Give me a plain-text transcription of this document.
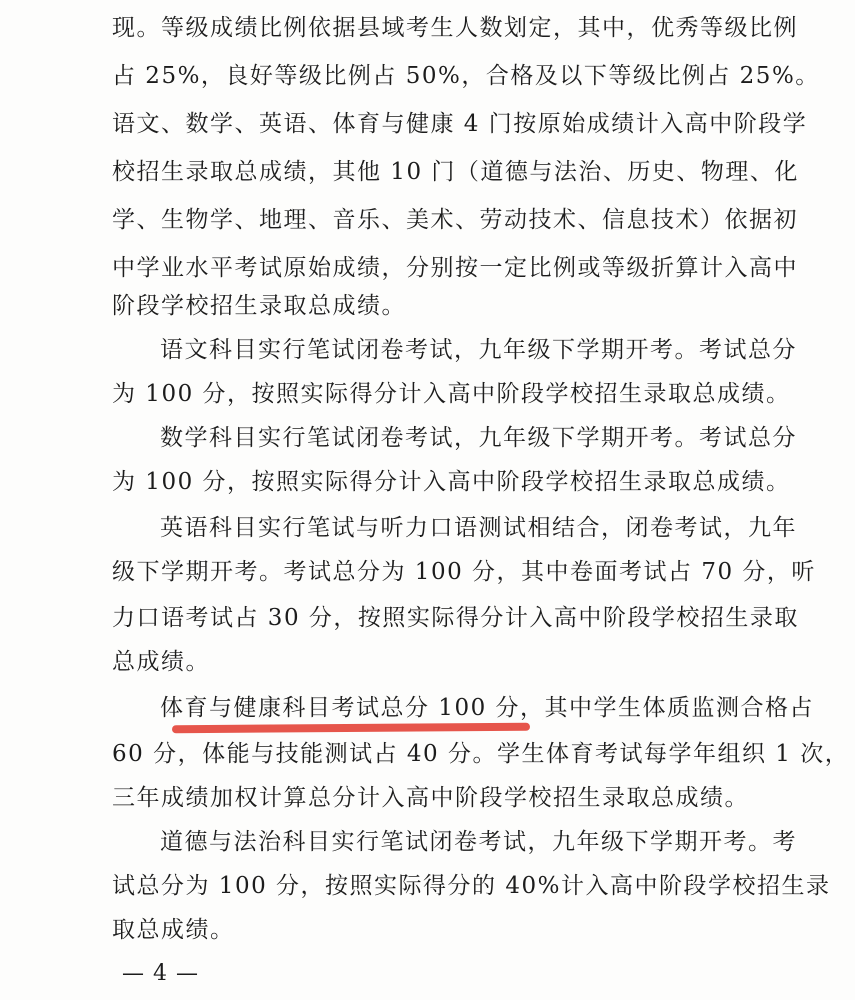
现。等级成绩比例依据县域考生人数划定，其中，优秀等级比例
占 25%，良好等级比例占 50%，合格及以下等级比例占 25%。
语文、数学、英语、体育与健康 4 门按原始成绩计入高中阶段学
校招生录取总成绩，其他 10 门（道德与法治、历史、物理、化
学、生物学、地理、音乐、美术、劳动技术、信息技术）依据初
中学业水平考试原始成绩，分别按一定比例或等级折算计入高中
阶段学校招生录取总成绩。
语文科目实行笔试闭卷考试，九年级下学期开考。考试总分
为 100 分，按照实际得分计入高中阶段学校招生录取总成绩。
数学科目实行笔试闭卷考试，九年级下学期开考。考试总分
为 100 分，按照实际得分计入高中阶段学校招生录取总成绩。
英语科目实行笔试与听力口语测试相结合，闭卷考试，九年
级下学期开考。考试总分为 100 分，其中卷面考试占 70 分，听
力口语考试占 30 分，按照实际得分计入高中阶段学校招生录取
总成绩。
体育与健康科目考试总分 100 分
，其中学生体质监测合格占
60 分，体能与技能测试占 40 分。学生体育考试每学年组织 1 次，
三年成绩加权计算总分计入高中阶段学校招生录取总成绩。
道德与法治科目实行笔试闭卷考试，九年级下学期开考。考
试总分为 100 分，按照实际得分的 40%计入高中阶段学校招生录
取总成绩。
— 4 —
